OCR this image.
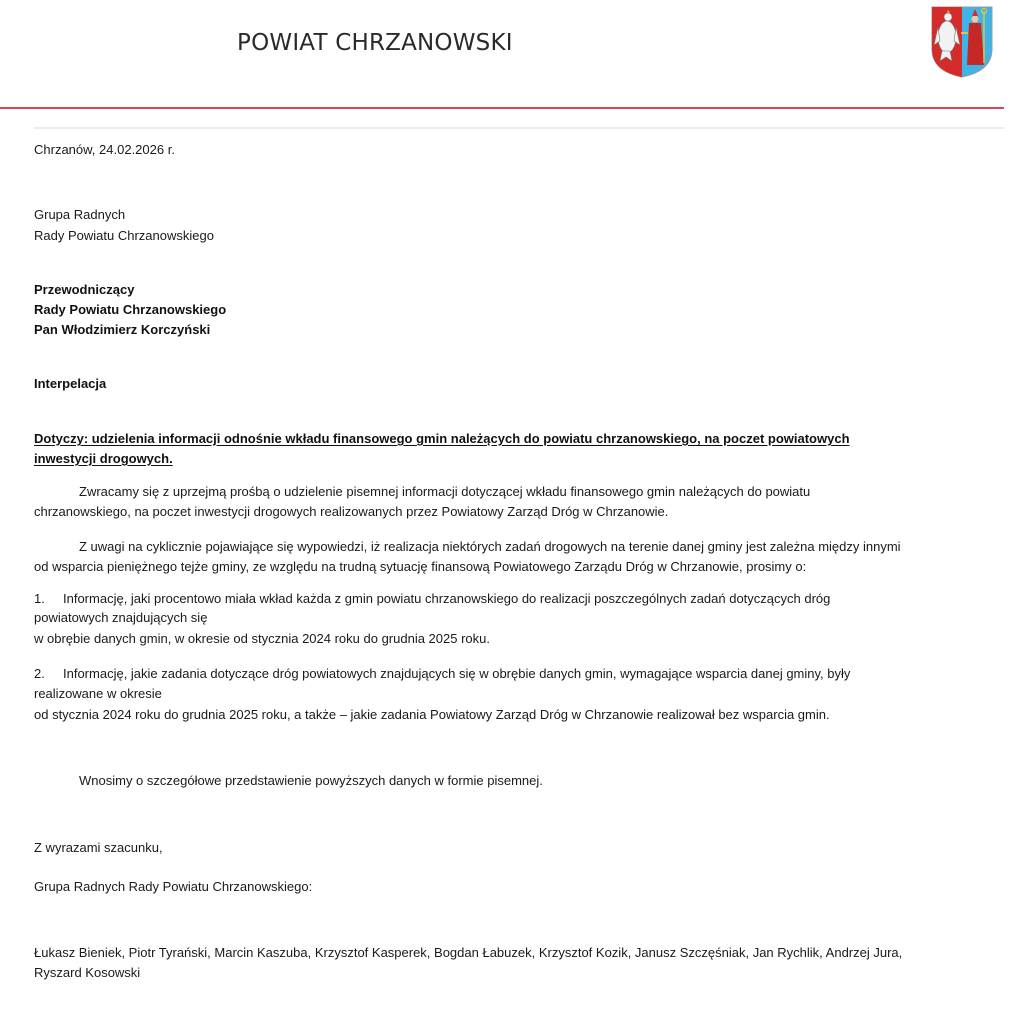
POWIAT CHRZANOWSKI
Chrzanów, 24.02.2026 r.
Grupa Radnych
Rady Powiatu Chrzanowskiego
Przewodniczący
Rady Powiatu Chrzanowskiego
Pan Włodzimierz Korczyński
Interpelacja
Dotyczy: udzielenia informacji odnośnie wkładu finansowego gmin należących do powiatu chrzanowskiego, na poczet powiatowych
inwestycji drogowych.
Zwracamy się z uprzejmą prośbą o udzielenie pisemnej informacji dotyczącej wkładu finansowego gmin należących do powiatu
chrzanowskiego, na poczet inwestycji drogowych realizowanych przez Powiatowy Zarząd Dróg w Chrzanowie.
Z uwagi na cyklicznie pojawiające się wypowiedzi, iż realizacja niektórych zadań drogowych na terenie danej gminy jest zależna między innymi
od wsparcia pieniężnego tejże gminy, ze względu na trudną sytuację finansową Powiatowego Zarządu Dróg w Chrzanowie, prosimy o:
1. Informację, jaki procentowo miała wkład każda z gmin powiatu chrzanowskiego do realizacji poszczególnych zadań dotyczących dróg
powiatowych znajdujących się
w obrębie danych gmin, w okresie od stycznia 2024 roku do grudnia 2025 roku.
2. Informację, jakie zadania dotyczące dróg powiatowych znajdujących się w obrębie danych gmin, wymagające wsparcia danej gminy, były
realizowane w okresie
od stycznia 2024 roku do grudnia 2025 roku, a także – jakie zadania Powiatowy Zarząd Dróg w Chrzanowie realizował bez wsparcia gmin.
Wnosimy o szczegółowe przedstawienie powyższych danych w formie pisemnej.
Z wyrazami szacunku,
Grupa Radnych Rady Powiatu Chrzanowskiego:
Łukasz Bieniek, Piotr Tyrański, Marcin Kaszuba, Krzysztof Kasperek, Bogdan Łabuzek, Krzysztof Kozik, Janusz Szczęśniak, Jan Rychlik, Andrzej Jura,
Ryszard Kosowski
